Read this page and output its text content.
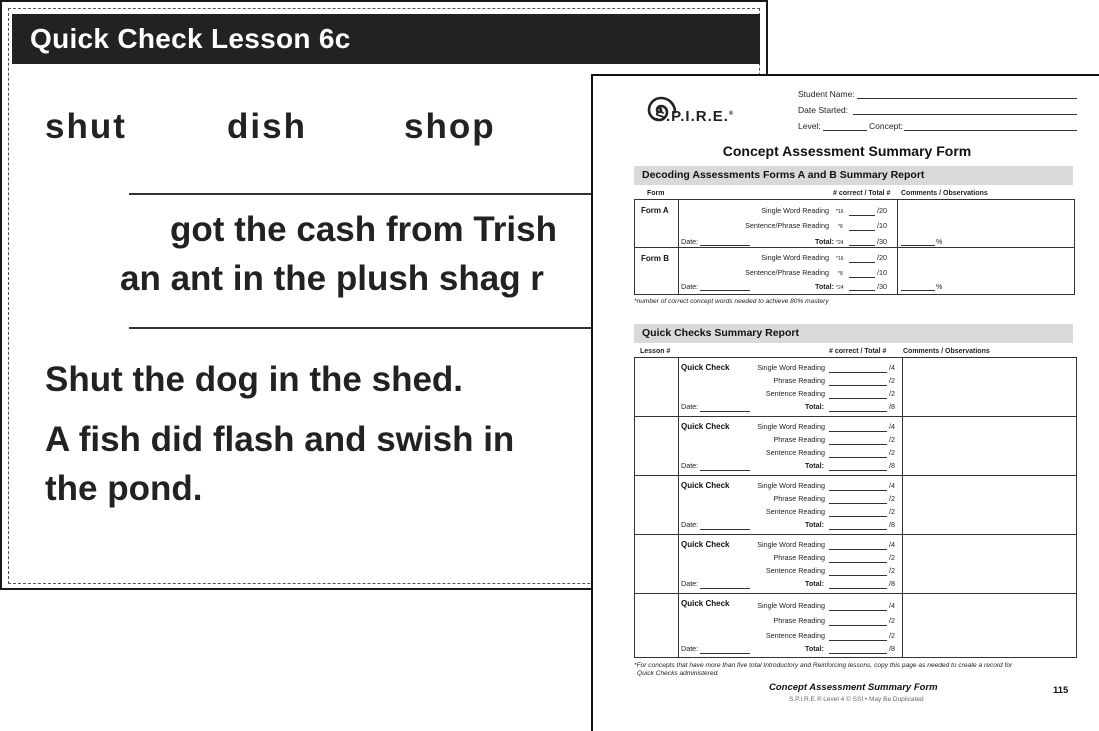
Quick Check Lesson 6c
shut	dish	shop
got the cash from Trish
an ant in the plush shag r
Shut the dog in the shed.
A fish did flash and swish in
the pond.
S.P.I.R.E.®
Student Name:
Date Started:
Level:	Concept:
Concept Assessment Summary Form
Decoding Assessments Forms A and B Summary Report
Form	# correct / Total # Comments / Observations
Form A	Single Word Reading *16	/20
Sentence/Phrase Reading *8	/10
Date:	Total: *24	/30	%
Form B	Single Word Reading *16	/20
Sentence/Phrase Reading *8	/10
Date:	Total: *24	/30	%
*number of correct concept words needed to achieve 80% mastery
Quick Checks Summary Report
Lesson #	# correct / Total # Comments / Observations
Quick Check	Single Word Reading	/4
Phrase Reading	/2
Sentence Reading	/2
Date:	Total:	/8
Quick Check	Single Word Reading	/4
Phrase Reading	/2
Sentence Reading	/2
Date:	Total:	/8
Quick Check	Single Word Reading	/4
Phrase Reading	/2
Sentence Reading	/2
Date:	Total:	/8
Quick Check	Single Word Reading	/4
Phrase Reading	/2
Sentence Reading	/2
Date:	Total:	/8
Quick Check	Single Word Reading	/4
Phrase Reading	/2
Sentence Reading	/2
Date:	Total:	/8
*For concepts that have more than five total Introductory and Reinforcing lessons, copy this page as needed to create a record for
Quick Checks administered.
Concept Assessment Summary Form	115
S.P.I.R.E.® Level 4 © SSI • May Be Duplicated
